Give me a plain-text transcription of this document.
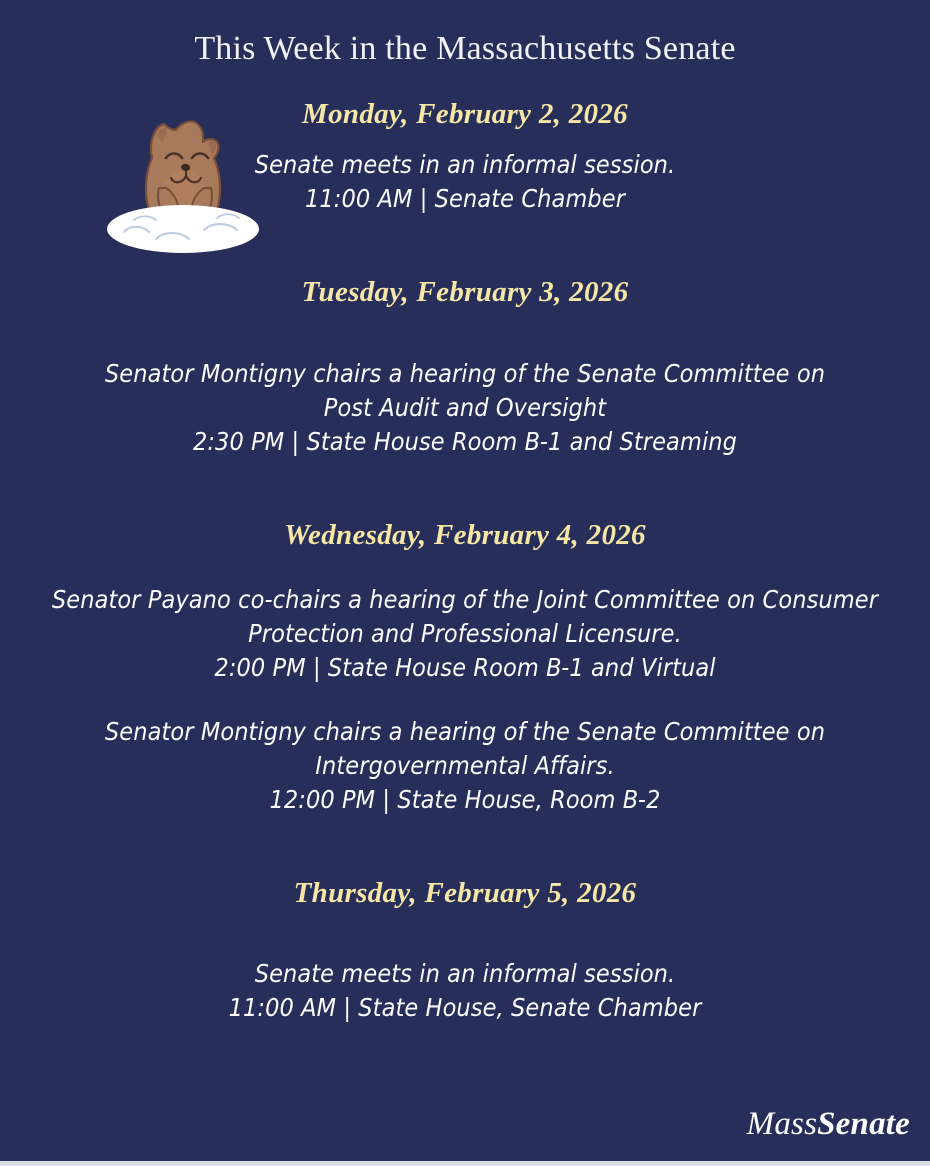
This Week in the Massachusetts Senate
Monday, February 2, 2026
Senate meets in an informal session.
11:00 AM | Senate Chamber
Tuesday, February 3, 2026
Senator Montigny chairs a hearing of the Senate Committee on
Post Audit and Oversight
2:30 PM | State House Room B-1 and Streaming
Wednesday, February 4, 2026
Senator Payano co-chairs a hearing of the Joint Committee on Consumer
Protection and Professional Licensure.
2:00 PM | State House Room B-1 and Virtual
Senator Montigny chairs a hearing of the Senate Committee on
Intergovernmental Affairs.
12:00 PM | State House, Room B-2
Thursday, February 5, 2026
Senate meets in an informal session.
11:00 AM | State House, Senate Chamber
MassSenate
